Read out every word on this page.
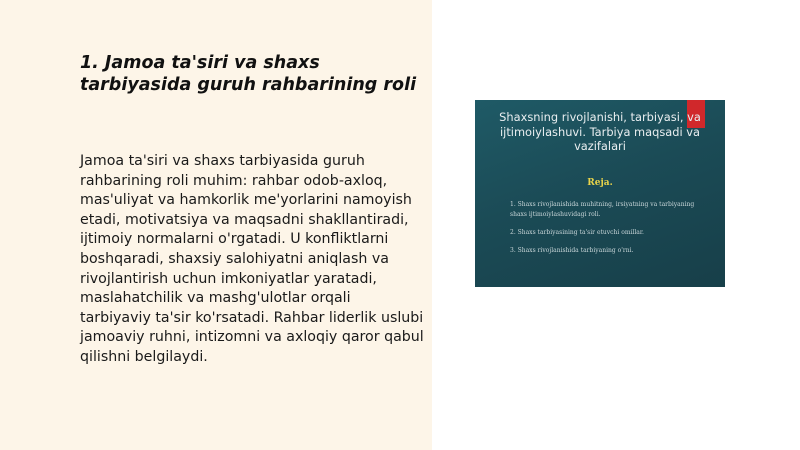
1. Jamoa ta'siri va shaxs tarbiyasida guruh rahbarining roli

Jamoa ta'siri va shaxs tarbiyasida guruh rahbarining roli muhim: rahbar odob-axloq, mas'uliyat va hamkorlik me'yorlarini namoyish etadi, motivatsiya va maqsadni shakllantiradi, ijtimoiy normalarni o'rgatadi. U konfliktlarni boshqaradi, shaxsiy salohiyatni aniqlash va rivojlantirish uchun imkoniyatlar yaratadi, maslahatchilik va mashg'ulotlar orqali tarbiyaviy ta'sir ko'rsatadi. Rahbar liderlik uslubi jamoaviy ruhni, intizomni va axloqiy qaror qabul qilishni belgilaydi.

Shaxsning rivojlanishi, tarbiyasi, va ijtimoiylashuvi. Tarbiya maqsadi va vazifalari
Reja.
1. Shaxs rivojlanishida muhitning, irsiyatning va tarbiyaning shaxs ijtimoiylashuvidagi roli.
2. Shaxs tarbiyasining ta'sir etuvchi omillar.
3. Shaxs rivojlanishida tarbiyaning o'rni.
